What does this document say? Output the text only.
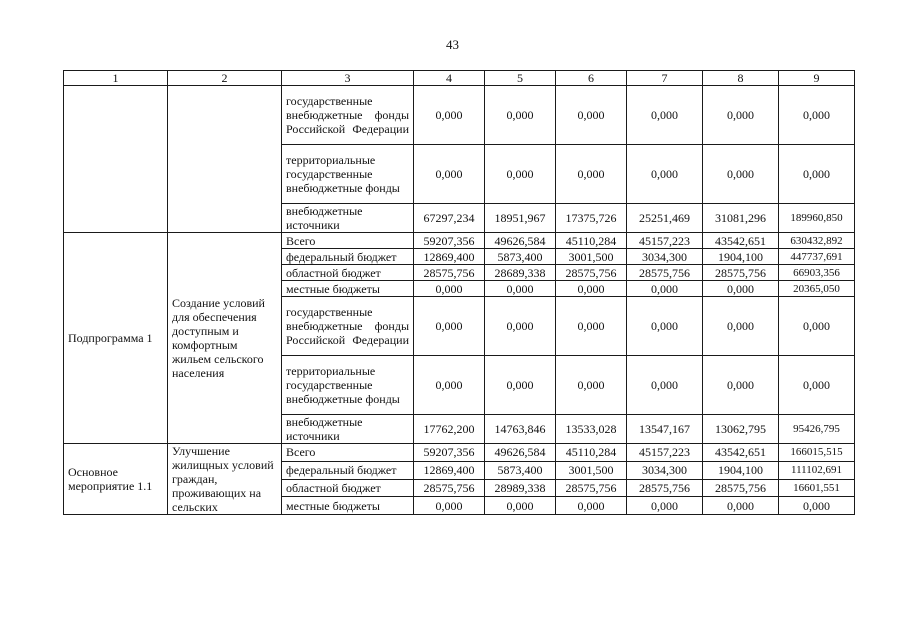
43
1	2	3	4	5	6	7	8	9
		государственные внебюджетные фонды Российской Федерации	0,000	0,000	0,000	0,000	0,000	0,000
		территориальные государственные внебюджетные фонды	0,000	0,000	0,000	0,000	0,000	0,000
		внебюджетные источники	67297,234	18951,967	17375,726	25251,469	31081,296	189960,850
Подпрограмма 1	Создание условий для обеспечения доступным и комфортным жильем сельского населения	Всего	59207,356	49626,584	45110,284	45157,223	43542,651	630432,892
		федеральный бюджет	12869,400	5873,400	3001,500	3034,300	1904,100	447737,691
		областной бюджет	28575,756	28689,338	28575,756	28575,756	28575,756	66903,356
		местные бюджеты	0,000	0,000	0,000	0,000	0,000	20365,050
		государственные внебюджетные фонды Российской Федерации	0,000	0,000	0,000	0,000	0,000	0,000
		территориальные государственные внебюджетные фонды	0,000	0,000	0,000	0,000	0,000	0,000
		внебюджетные источники	17762,200	14763,846	13533,028	13547,167	13062,795	95426,795
Основное мероприятие 1.1	Улучшение жилищных условий граждан, проживающих на сельских	Всего	59207,356	49626,584	45110,284	45157,223	43542,651	166015,515
		федеральный бюджет	12869,400	5873,400	3001,500	3034,300	1904,100	111102,691
		областной бюджет	28575,756	28989,338	28575,756	28575,756	28575,756	16601,551
		местные бюджеты	0,000	0,000	0,000	0,000	0,000	0,000
